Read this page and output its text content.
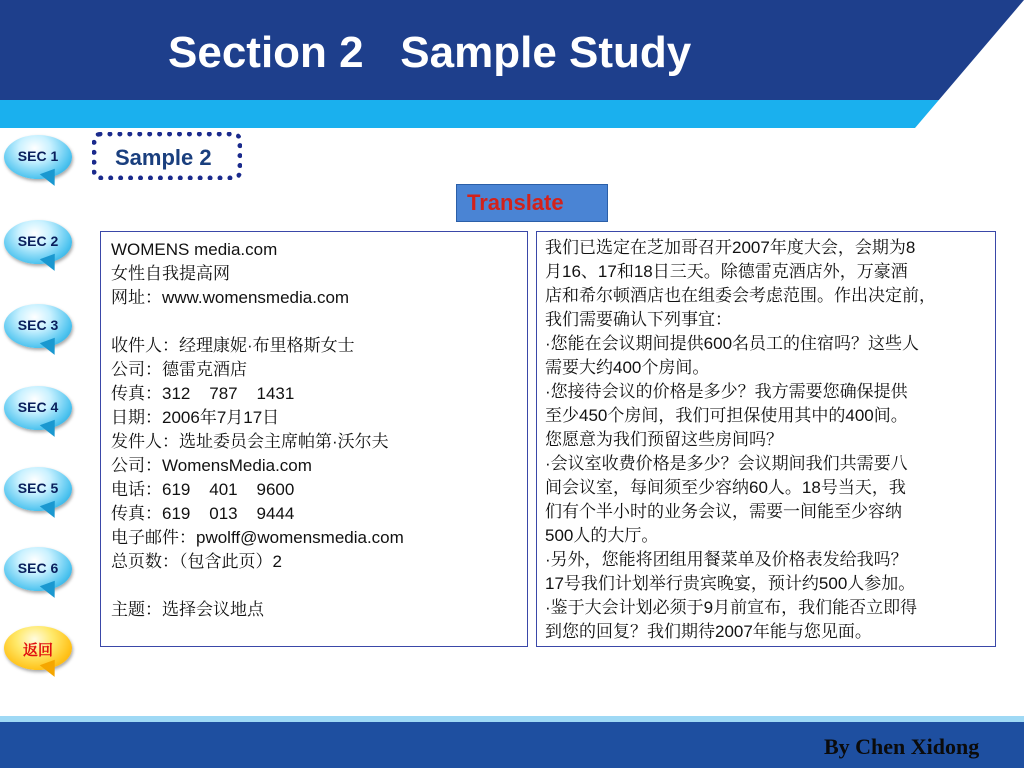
Section 2   Sample Study
SEC 1
SEC 2
SEC 3
SEC 4
SEC 5
SEC 6
返回
Sample 2
Translate
WOMENS media.com
女性自我提高网
网址：www.womensmedia.com
收件人：经理康妮·布里格斯女士
公司：德雷克酒店
传真：312    787    1431
日期：2006年7月17日
发件人：选址委员会主席帕第·沃尔夫
公司：WomensMedia.com
电话：619    401    9600
传真：619    013    9444
电子邮件：pwolff@womensmedia.com
总页数：（包含此页）2
主题：选择会议地点
我们已选定在芝加哥召开2007年度大会，会期为8
月16、17和18日三天。除德雷克酒店外，万豪酒
店和希尔顿酒店也在组委会考虑范围。作出决定前，
我们需要确认下列事宜：
·您能在会议期间提供600名员工的住宿吗？这些人
需要大约400个房间。
·您接待会议的价格是多少？我方需要您确保提供
至少450个房间，我们可担保使用其中的400间。
您愿意为我们预留这些房间吗？
·会议室收费价格是多少？会议期间我们共需要八
间会议室，每间须至少容纳60人。18号当天，我
们有个半小时的业务会议，需要一间能至少容纳
500人的大厅。
·另外，您能将团组用餐菜单及价格表发给我吗？
17号我们计划举行贵宾晚宴，预计约500人参加。
·鉴于大会计划必须于9月前宣布，我们能否立即得
到您的回复？我们期待2007年能与您见面。
By Chen Xidong
